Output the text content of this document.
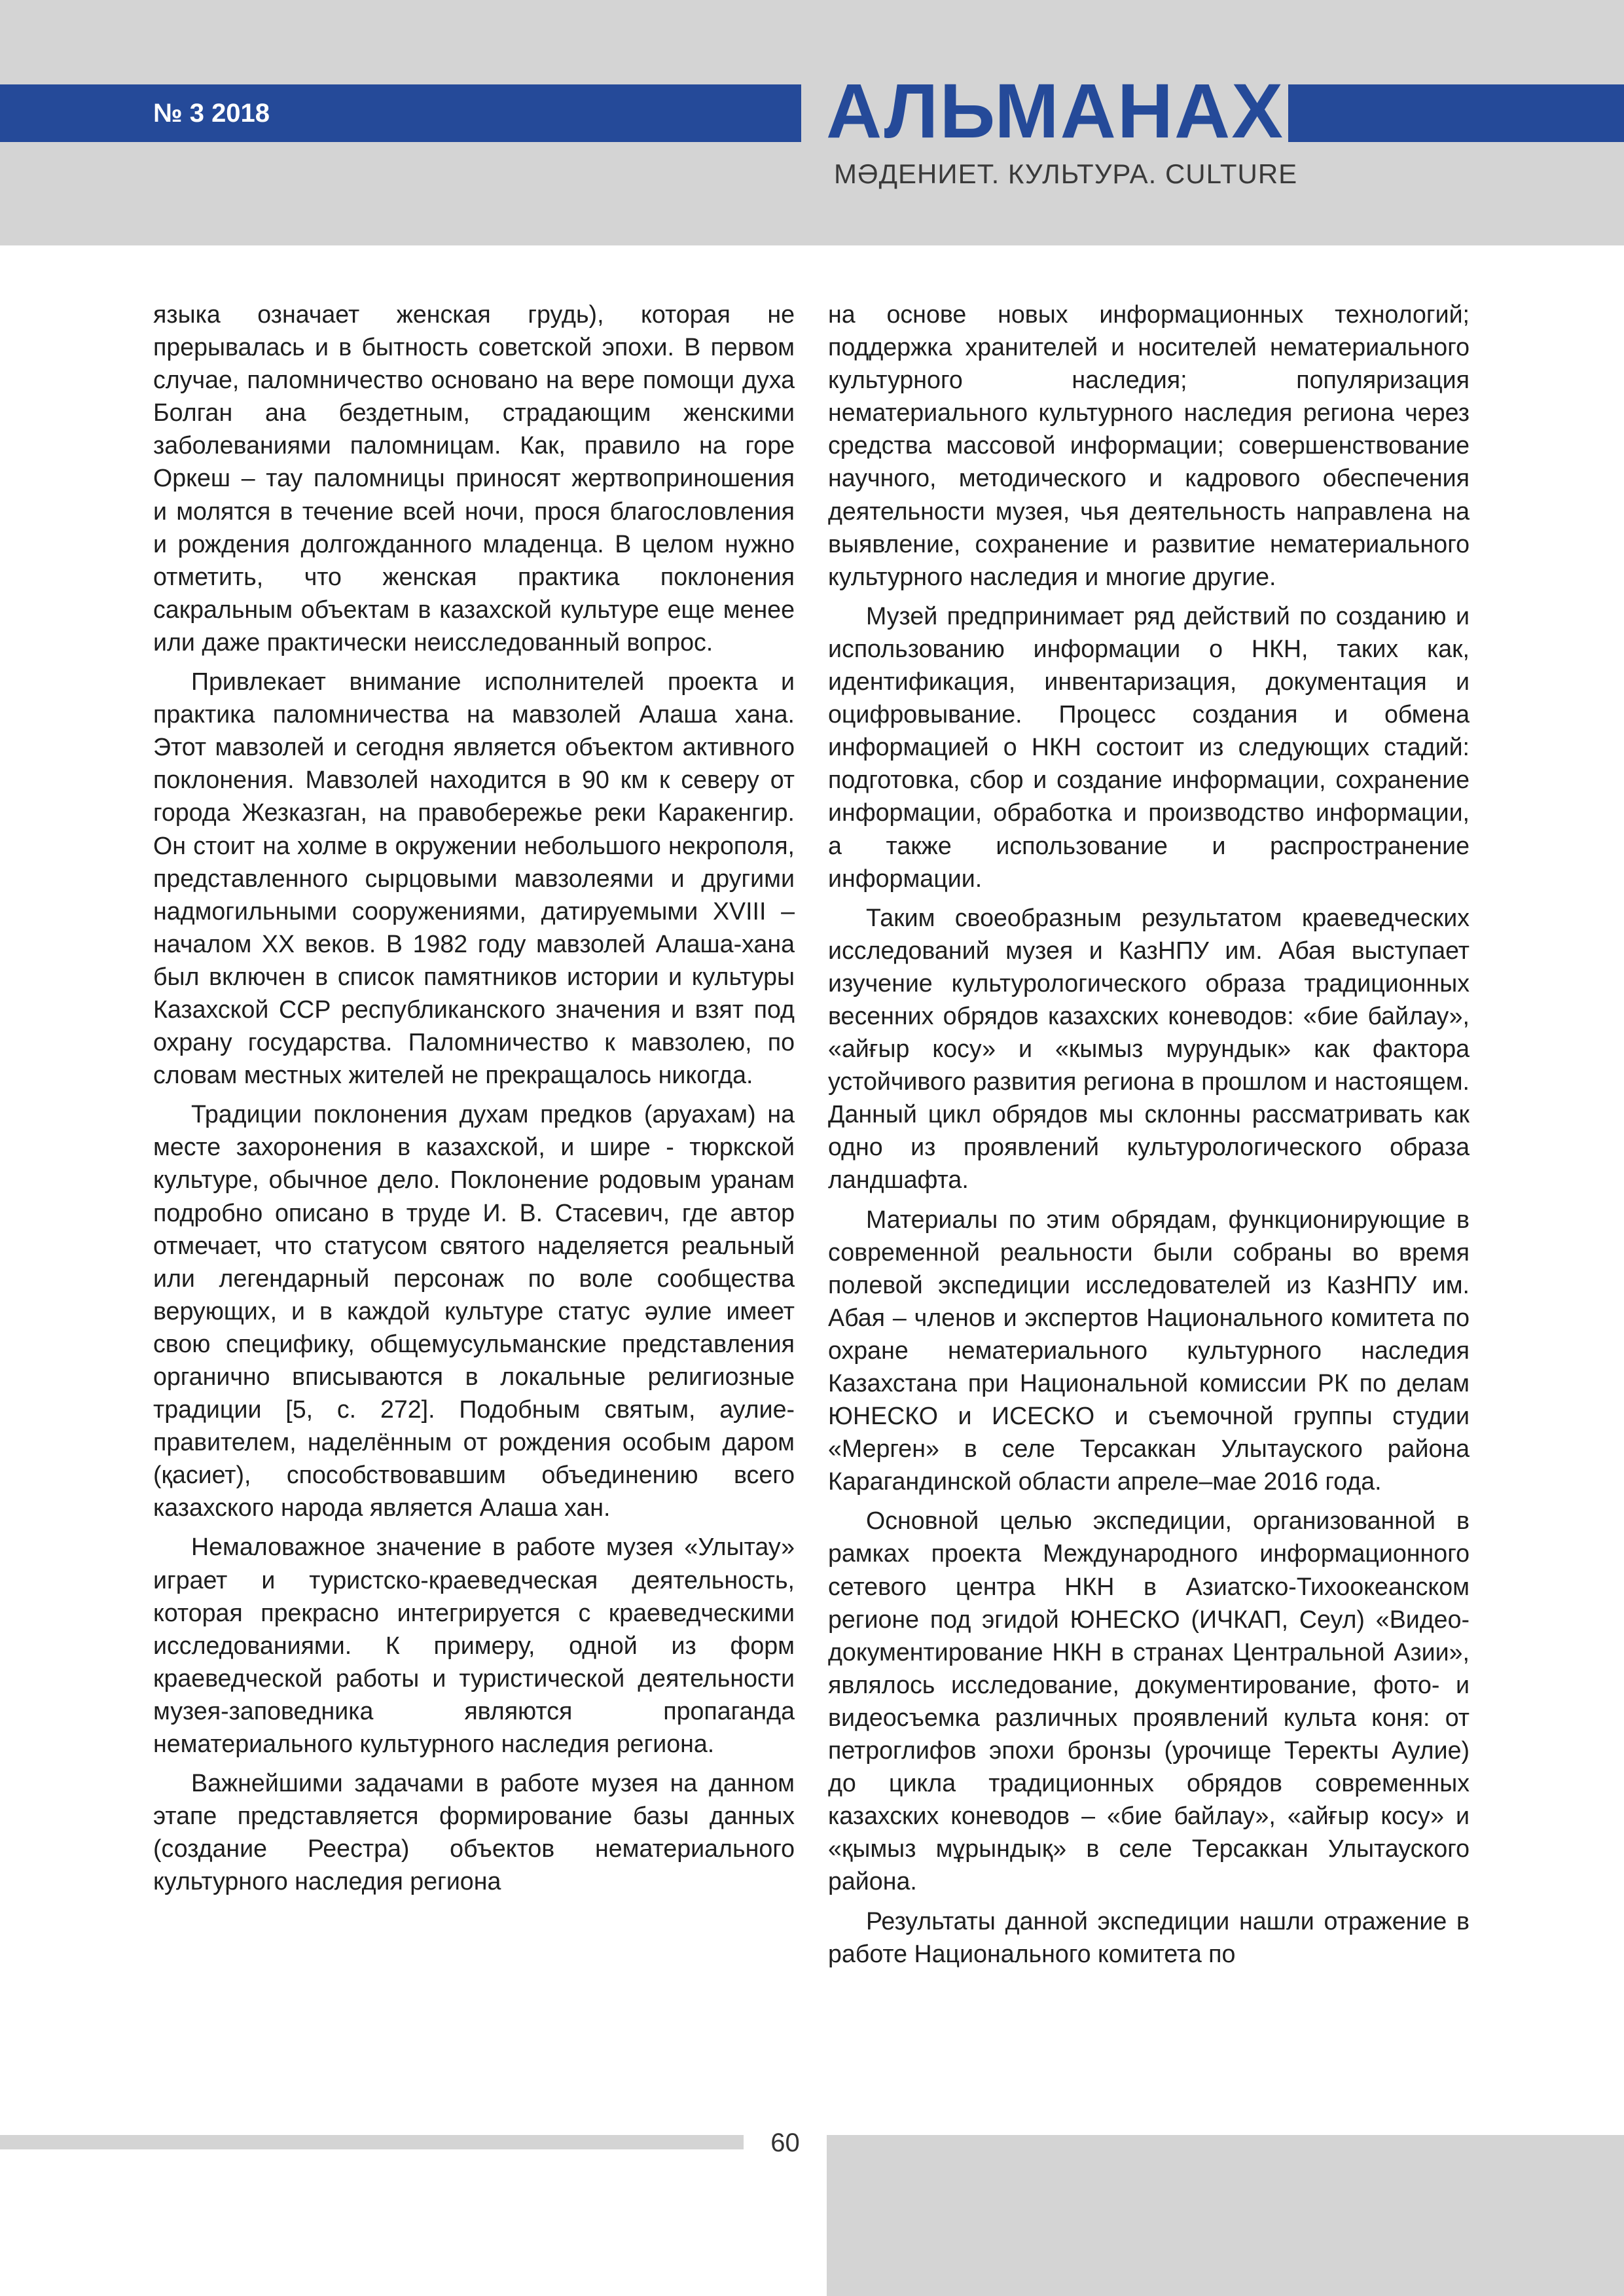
№ 3 2018	АЛЬМАНАХ

МӘДЕНИЕТ. КУЛЬТУРА. CULTURE

языка означает женская грудь), которая не прерывалась и в бытность советской эпохи. В первом случае, паломничество основано на вере помощи духа Болган ана бездетным, страдающим женскими заболеваниями паломницам. Как, правило на горе Оркеш – тау паломницы приносят жертвоприношения и молятся в течение всей ночи, прося благословления и рождения долгожданного младенца. В целом нужно отметить, что женская практика поклонения сакральным объектам в казахской культуре еще менее или даже практически неисследованный вопрос.

Привлекает внимание исполнителей проекта и практика паломничества на мавзолей Алаша хана. Этот мавзолей и сегодня является объектом активного поклонения. Мавзолей находится в 90 км к северу от города Жезказган, на правобережье реки Каракенгир. Он стоит на холме в окружении небольшого некрополя, представленного сырцовыми мавзолеями и другими надмогильными сооружениями, датируемыми XVIII – началом XX веков. В 1982 году мавзолей Алаша-хана был включен в список памятников истории и культуры Казахской ССР республиканского значения и взят под охрану государства. Паломничество к мавзолею, по словам местных жителей не прекращалось никогда.

Традиции поклонения духам предков (аруахам) на месте захоронения в казахской, и шире - тюркской культуре, обычное дело. Поклонение родовым уранам подробно описано в труде И. В. Стасевич, где автор отмечает, что статусом святого наделяется реальный или легендарный персонаж по воле сообщества верующих, и в каждой культуре статус әулие имеет свою специфику, общемусульманские представления органично вписываются в локальные религиозные традиции [5, с. 272]. Подобным святым, аулие-правителем, наделённым от рождения особым даром (қасиет), способствовавшим объединению всего казахского народа является Алаша хан.

Немаловажное значение в работе музея «Улытау» играет и туристско-краеведческая деятельность, которая прекрасно интегрируется с краеведческими исследованиями. К примеру, одной из форм краеведческой работы и туристической деятельности музея-заповедника являются пропаганда нематериального культурного наследия региона.

Важнейшими задачами в работе музея на данном этапе представляется формирование базы данных (создание Реестра) объектов нематериального культурного наследия региона

на основе новых информационных технологий; поддержка хранителей и носителей нематериального культурного наследия; популяризация нематериального культурного наследия региона через средства массовой информации; совершенствование научного, методического и кадрового обеспечения деятельности музея, чья деятельность направлена на выявление, сохранение и развитие нематериального культурного наследия и многие другие.

Музей предпринимает ряд действий по созданию и использованию информации о НКН, таких как, идентификация, инвентаризация, документация и оцифровывание. Процесс создания и обмена информацией о НКН состоит из следующих стадий: подготовка, сбор и создание информации, сохранение информации, обработка и производство информации, а также использование и распространение информации.

Таким своеобразным результатом краеведческих исследований музея и КазНПУ им. Абая выступает изучение культурологического образа традиционных весенних обрядов казахских коневодов: «бие байлау», «айғыр косу» и «кымыз мурундык» как фактора устойчивого развития региона в прошлом и настоящем. Данный цикл обрядов мы склонны рассматривать как одно из проявлений культурологического образа ландшафта.

Материалы по этим обрядам, функционирующие в современной реальности были собраны во время полевой экспедиции исследователей из КазНПУ им. Абая – членов и экспертов Национального комитета по охране нематериального культурного наследия Казахстана при Национальной комиссии РК по делам ЮНЕСКО и ИСЕСКО и съемочной группы студии «Мерген» в селе Терсаккан Улытауского района Карагандинской области апреле–мае 2016 года.

Основной целью экспедиции, организованной в рамках проекта Международного информационного сетевого центра НКН в Азиатско-Тихоокеанском регионе под эгидой ЮНЕСКО (ИЧКАП, Сеул) «Видео-документирование НКН в странах Центральной Азии», являлось исследование, документирование, фото- и видеосъемка различных проявлений культа коня: от петроглифов эпохи бронзы (урочище Теректы Аулие) до цикла традиционных обрядов современных казахских коневодов – «бие байлау», «айғыр косу» и «қымыз мұрындық» в селе Терсаккан Улытауского района.

Результаты данной экспедиции нашли отражение в работе Национального комитета по

60
